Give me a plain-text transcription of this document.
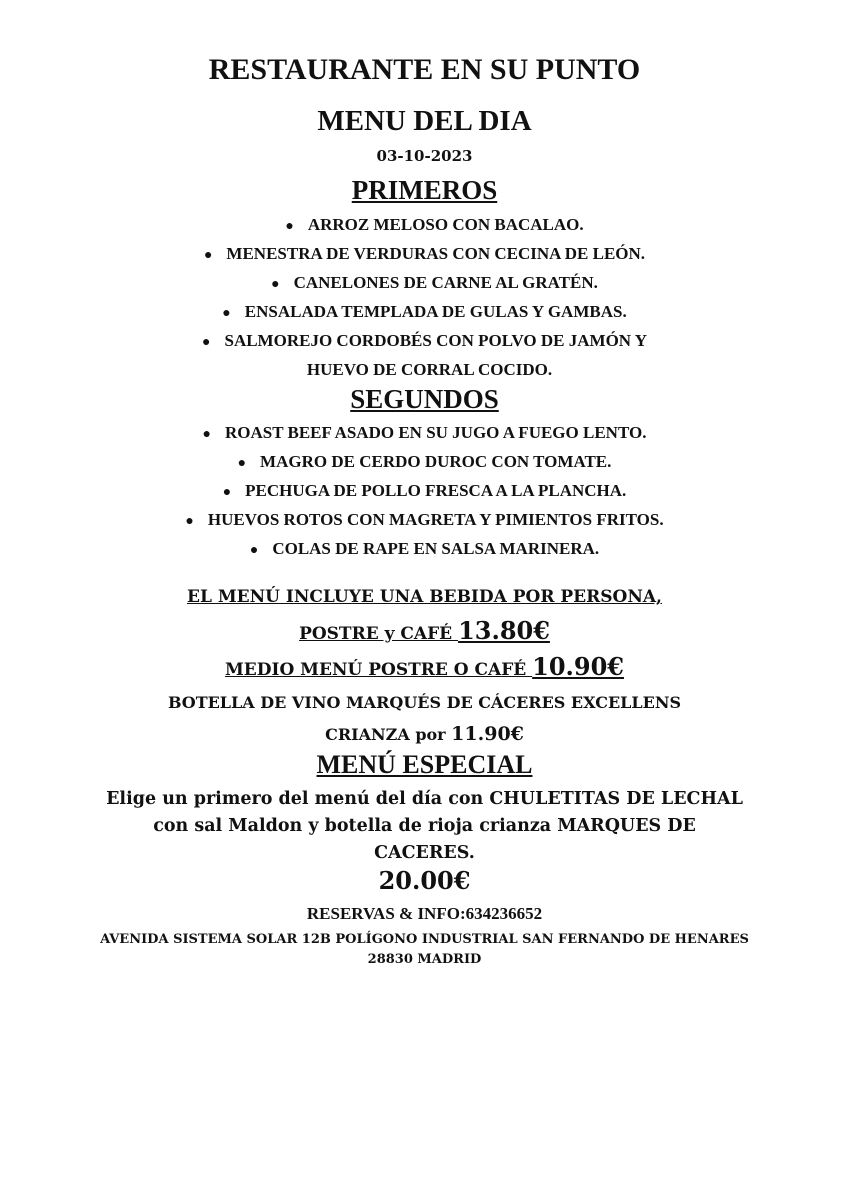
RESTAURANTE EN SU PUNTO
MENU DEL DIA
03-10-2023
PRIMEROS
● ARROZ MELOSO CON BACALAO.
● MENESTRA DE VERDURAS CON CECINA DE LEÓN.
● CANELONES DE CARNE AL GRATÉN.
● ENSALADA TEMPLADA DE GULAS Y GAMBAS.
● SALMOREJO CORDOBÉS CON POLVO DE JAMÓN Y
HUEVO DE CORRAL COCIDO.
SEGUNDOS
● ROAST BEEF ASADO EN SU JUGO A FUEGO LENTO.
● MAGRO DE CERDO DUROC CON TOMATE.
● PECHUGA DE POLLO FRESCA A LA PLANCHA.
● HUEVOS ROTOS CON MAGRETA Y PIMIENTOS FRITOS.
● COLAS DE RAPE EN SALSA MARINERA.
EL MENÚ INCLUYE UNA BEBIDA POR PERSONA,
POSTRE y CAFÉ 13.80€
MEDIO MENÚ POSTRE O CAFÉ 10.90€
BOTELLA DE VINO MARQUÉS DE CÁCERES EXCELLENS
CRIANZA por 11.90€
MENÚ ESPECIAL
Elige un primero del menú del día con CHULETITAS DE LECHAL con sal Maldon y botella de rioja crianza MARQUES DE CACERES.
20.00€
RESERVAS & INFO:634236652
AVENIDA SISTEMA SOLAR 12B POLÍGONO INDUSTRIAL SAN FERNANDO DE HENARES 28830 MADRID
